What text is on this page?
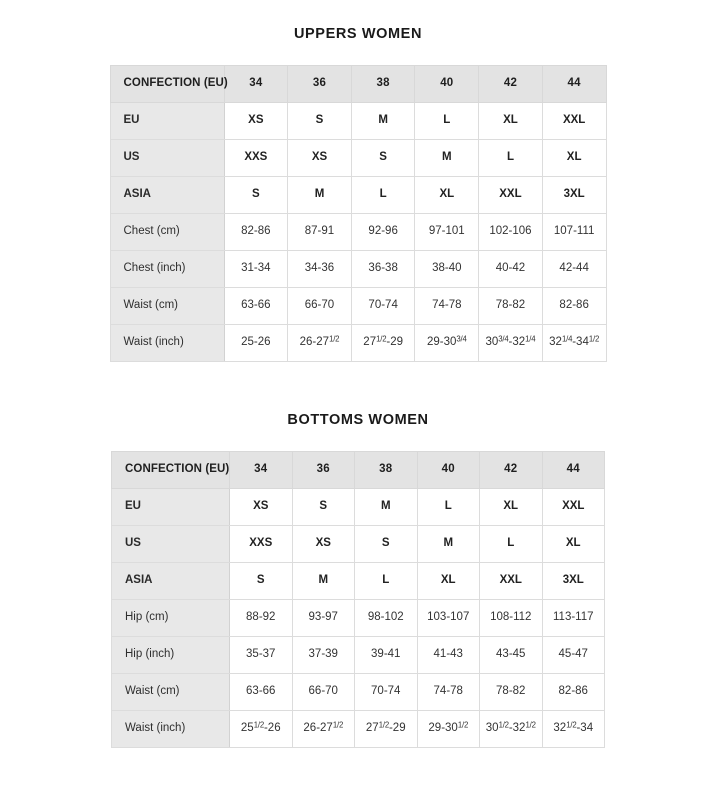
UPPERS WOMEN
CONFECTION (EU)	34	36	38	40	42	44
EU	XS	S	M	L	XL	XXL
US	XXS	XS	S	M	L	XL
ASIA	S	M	L	XL	XXL	3XL
Chest (cm)	82-86	87-91	92-96	97-101	102-106	107-111
Chest (inch)	31-34	34-36	36-38	38-40	40-42	42-44
Waist (cm)	63-66	66-70	70-74	74-78	78-82	82-86
Waist (inch)	25-26	$26-27^{1/2}$	$27^{1/2}-29$	$29-30^{3/4}$	$30^{3/4}-32^{1/4}$	$32^{1/4}-34^{1/2}$
BOTTOMS WOMEN
CONFECTION (EU)	34	36	38	40	42	44
EU	XS	S	M	L	XL	XXL
US	XXS	XS	S	M	L	XL
ASIA	S	M	L	XL	XXL	3XL
Hip (cm)	88-92	93-97	98-102	103-107	108-112	113-117
Hip (inch)	35-37	37-39	39-41	41-43	43-45	45-47
Waist (cm)	63-66	66-70	70-74	74-78	78-82	82-86
Waist (inch)	$25^{1/2}-26$	$26-27^{1/2}$	$27^{1/2}-29$	$29-30^{1/2}$	$30^{1/2}-32^{1/2}$	$32^{1/2}-34$
